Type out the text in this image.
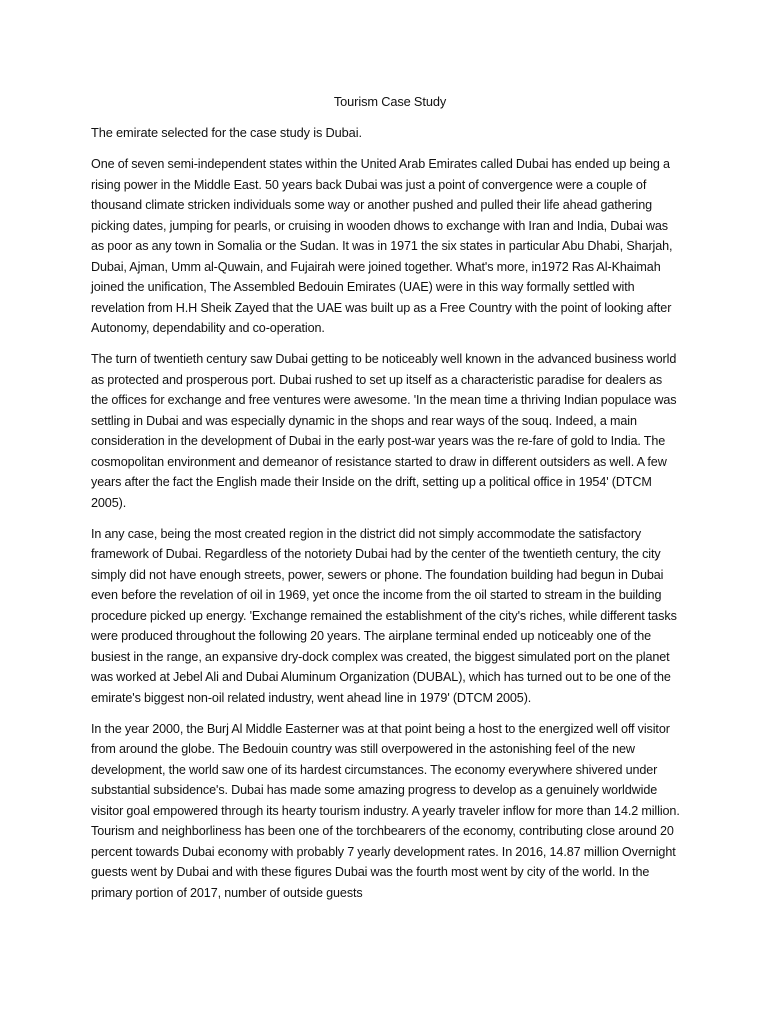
Tourism Case Study
The emirate selected for the case study is Dubai.

One of seven semi-independent states within the United Arab Emirates called Dubai has ended up being a rising power in the Middle East. 50 years back Dubai was just a point of convergence were a couple of thousand climate stricken individuals some way or another pushed and pulled their life ahead gathering picking dates, jumping for pearls, or cruising in wooden dhows to exchange with Iran and India, Dubai was as poor as any town in Somalia or the Sudan. It was in 1971 the six states in particular Abu Dhabi, Sharjah, Dubai, Ajman, Umm al-Quwain, and Fujairah were joined together. What's more, in1972 Ras Al-Khaimah joined the unification, The Assembled Bedouin Emirates (UAE) were in this way formally settled with revelation from H.H Sheik Zayed that the UAE was built up as a Free Country with the point of looking after Autonomy, dependability and co-operation.

The turn of twentieth century saw Dubai getting to be noticeably well known in the advanced business world as protected and prosperous port. Dubai rushed to set up itself as a characteristic paradise for dealers as the offices for exchange and free ventures were awesome. 'In the mean time a thriving Indian populace was settling in Dubai and was especially dynamic in the shops and rear ways of the souq. Indeed, a main consideration in the development of Dubai in the early post-war years was the re-fare of gold to India. The cosmopolitan environment and demeanor of resistance started to draw in different outsiders as well. A few years after the fact the English made their Inside on the drift, setting up a political office in 1954' (DTCM 2005).

In any case, being the most created region in the district did not simply accommodate the satisfactory framework of Dubai. Regardless of the notoriety Dubai had by the center of the twentieth century, the city simply did not have enough streets, power, sewers or phone. The foundation building had begun in Dubai even before the revelation of oil in 1969, yet once the income from the oil started to stream in the building procedure picked up energy. 'Exchange remained the establishment of the city's riches, while different tasks were produced throughout the following 20 years. The airplane terminal ended up noticeably one of the busiest in the range, an expansive dry-dock complex was created, the biggest simulated port on the planet was worked at Jebel Ali and Dubai Aluminum Organization (DUBAL), which has turned out to be one of the emirate's biggest non-oil related industry, went ahead line in 1979' (DTCM 2005).

In the year 2000, the Burj Al Middle Easterner was at that point being a host to the energized well off visitor from around the globe. The Bedouin country was still overpowered in the astonishing feel of the new development, the world saw one of its hardest circumstances. The economy everywhere shivered under substantial subsidence's. Dubai has made some amazing progress to develop as a genuinely worldwide visitor goal empowered through its hearty tourism industry. A yearly traveler inflow for more than 14.2 million. Tourism and neighborliness has been one of the torchbearers of the economy, contributing close around 20 percent towards Dubai economy with probably 7 yearly development rates. In 2016, 14.87 million Overnight guests went by Dubai and with these figures Dubai was the fourth most went by city of the world. In the primary portion of 2017, number of outside guests
